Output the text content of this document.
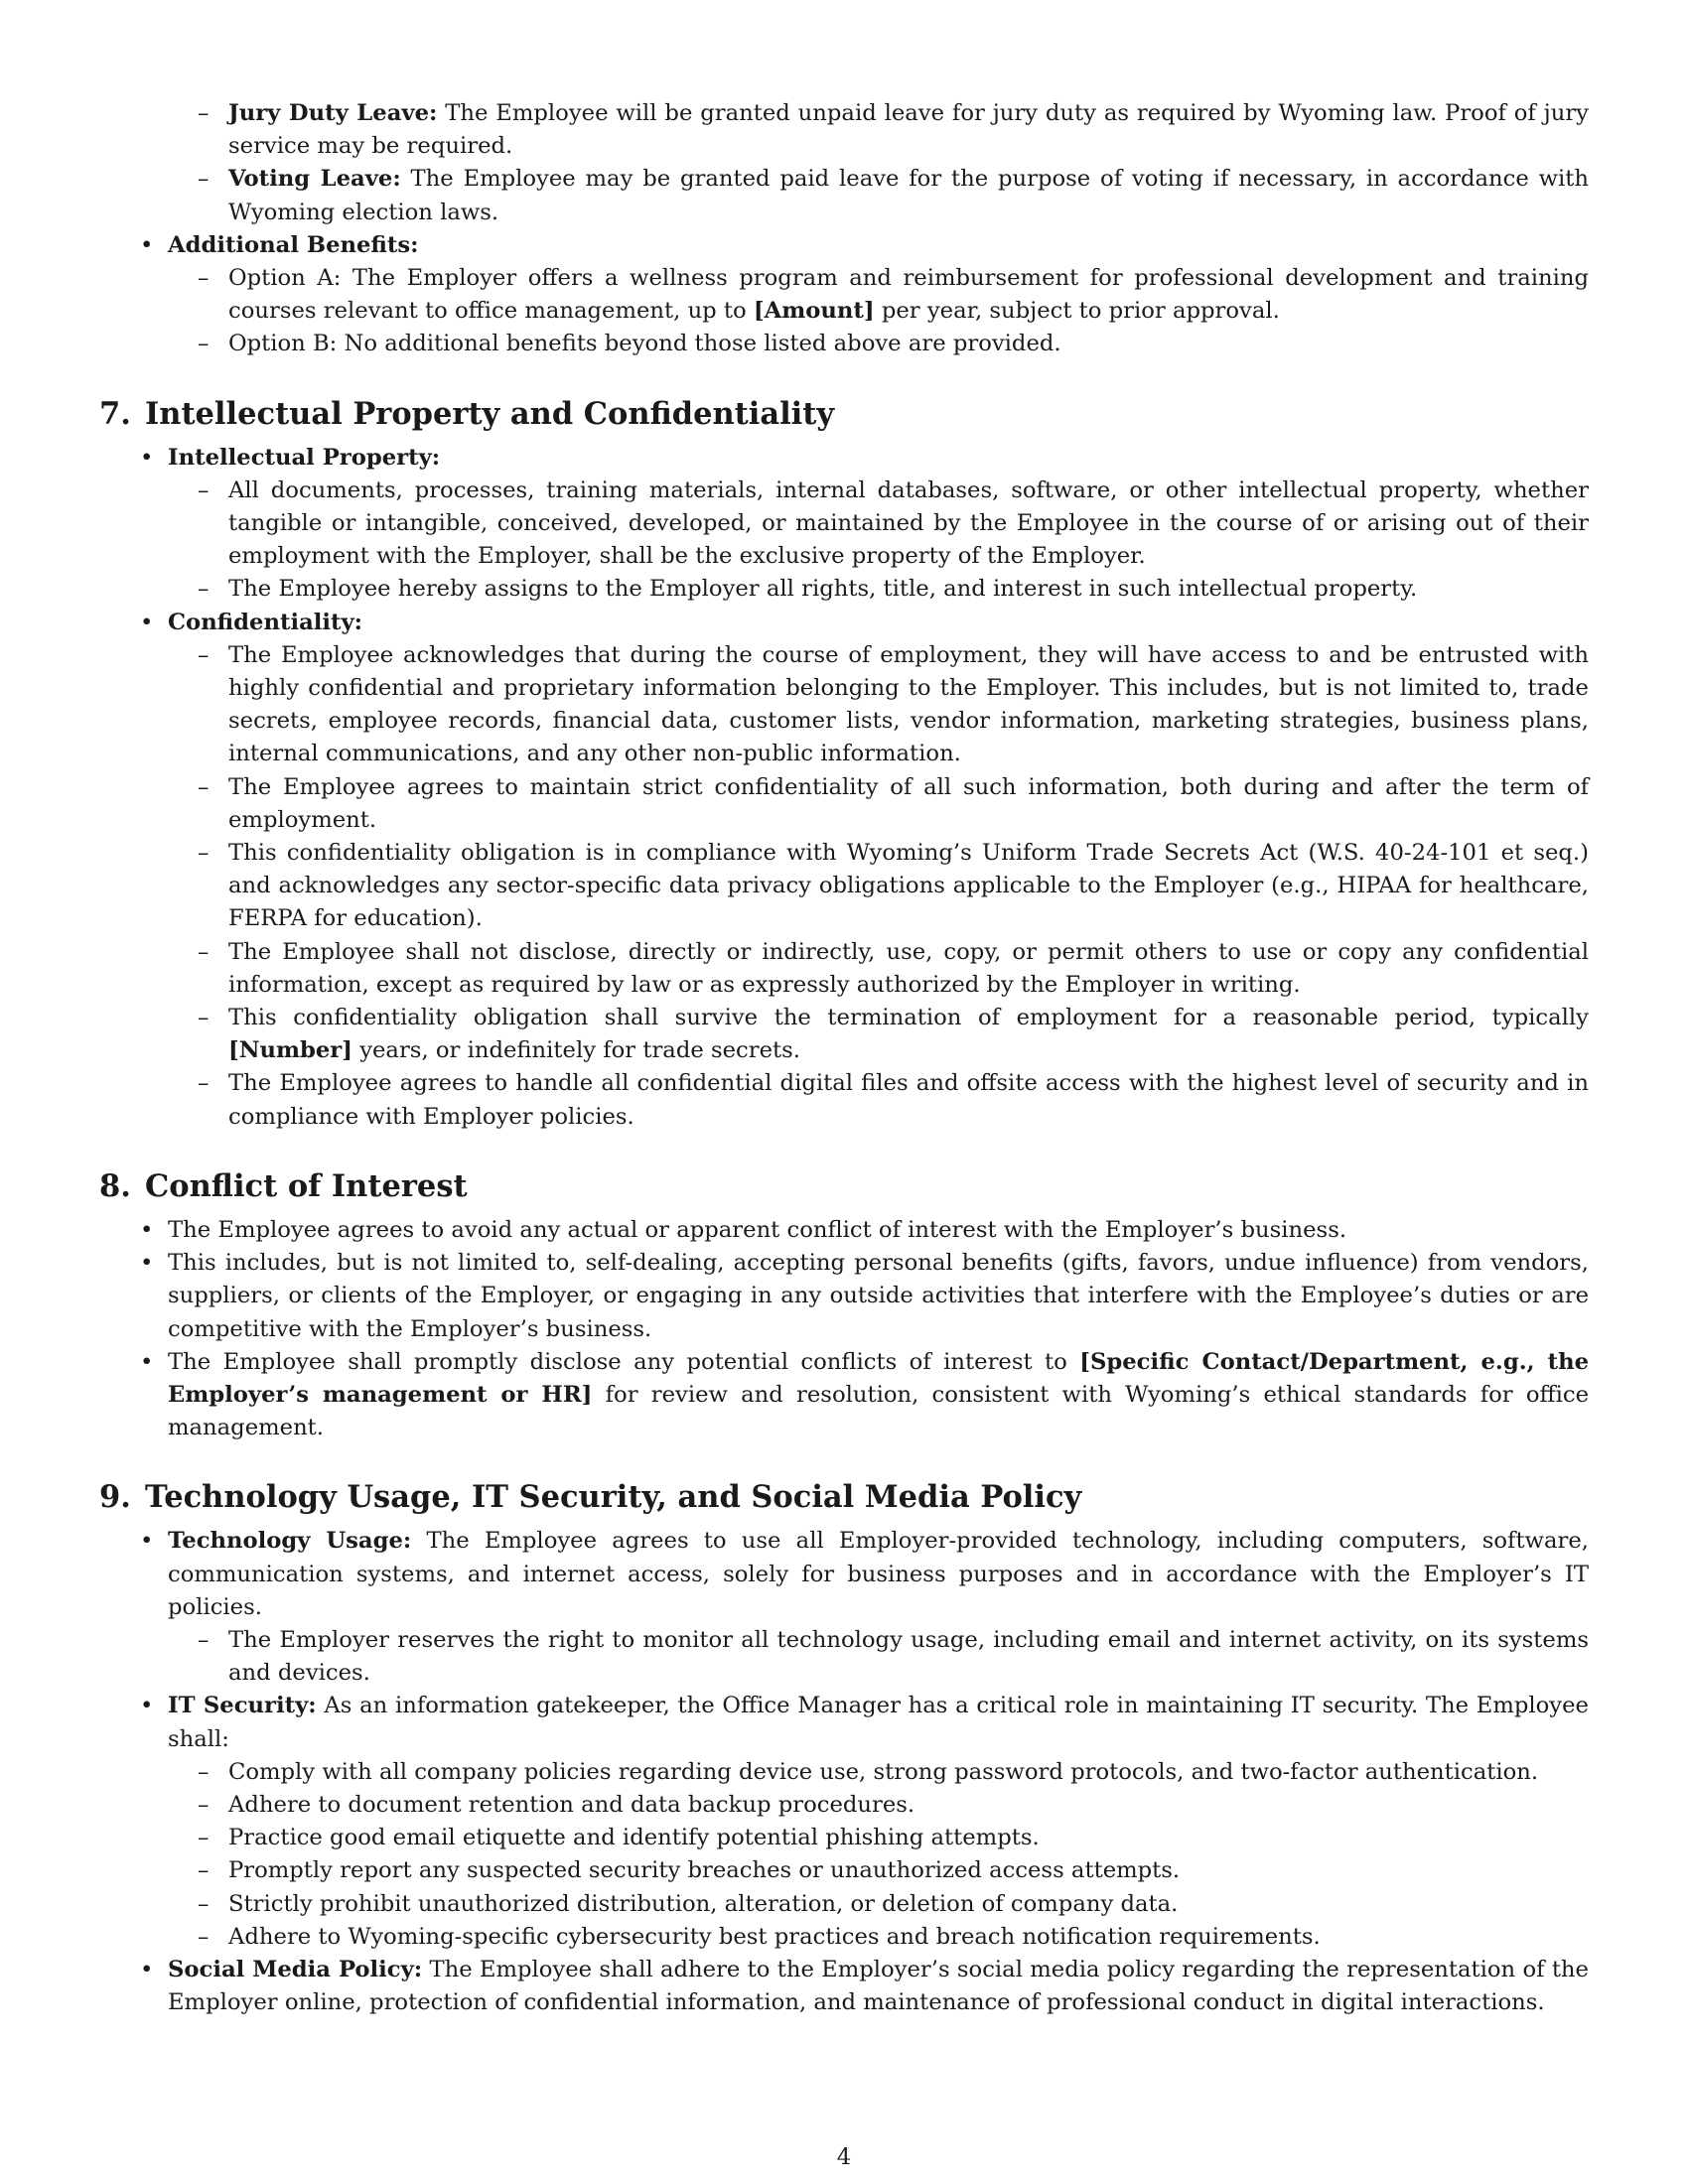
– Jury Duty Leave: The Employee will be granted unpaid leave for jury duty as required by Wyoming law. Proof of jury service may be required.
– Voting Leave: The Employee may be granted paid leave for the purpose of voting if necessary, in accordance with Wyoming election laws.
• Additional Benefits:
– Option A: The Employer offers a wellness program and reimbursement for professional development and training courses relevant to office management, up to [Amount] per year, subject to prior approval.
– Option B: No additional benefits beyond those listed above are provided.
7. Intellectual Property and Confidentiality
• Intellectual Property:
– All documents, processes, training materials, internal databases, software, or other intellectual property, whether tangible or intangible, conceived, developed, or maintained by the Employee in the course of or arising out of their employment with the Employer, shall be the exclusive property of the Employer.
– The Employee hereby assigns to the Employer all rights, title, and interest in such intellectual property.
• Confidentiality:
– The Employee acknowledges that during the course of employment, they will have access to and be entrusted with highly confidential and proprietary information belonging to the Employer. This includes, but is not limited to, trade secrets, employee records, financial data, customer lists, vendor information, marketing strategies, business plans, internal communications, and any other non-public information.
– The Employee agrees to maintain strict confidentiality of all such information, both during and after the term of employment.
– This confidentiality obligation is in compliance with Wyoming’s Uniform Trade Secrets Act (W.S. 40-24-101 et seq.) and acknowledges any sector-specific data privacy obligations applicable to the Employer (e.g., HIPAA for healthcare, FERPA for education).
– The Employee shall not disclose, directly or indirectly, use, copy, or permit others to use or copy any confidential information, except as required by law or as expressly authorized by the Employer in writing.
– This confidentiality obligation shall survive the termination of employment for a reasonable period, typically [Number] years, or indefinitely for trade secrets.
– The Employee agrees to handle all confidential digital files and offsite access with the highest level of security and in compliance with Employer policies.
8. Conflict of Interest
• The Employee agrees to avoid any actual or apparent conflict of interest with the Employer’s business.
• This includes, but is not limited to, self-dealing, accepting personal benefits (gifts, favors, undue influence) from vendors, suppliers, or clients of the Employer, or engaging in any outside activities that interfere with the Employee’s duties or are competitive with the Employer’s business.
• The Employee shall promptly disclose any potential conflicts of interest to [Specific Contact/Department, e.g., the Employer’s management or HR] for review and resolution, consistent with Wyoming’s ethical standards for office management.
9. Technology Usage, IT Security, and Social Media Policy
• Technology Usage: The Employee agrees to use all Employer-provided technology, including computers, software, communication systems, and internet access, solely for business purposes and in accordance with the Employer’s IT policies.
– The Employer reserves the right to monitor all technology usage, including email and internet activity, on its systems and devices.
• IT Security: As an information gatekeeper, the Office Manager has a critical role in maintaining IT security. The Employee shall:
– Comply with all company policies regarding device use, strong password protocols, and two-factor authentication.
– Adhere to document retention and data backup procedures.
– Practice good email etiquette and identify potential phishing attempts.
– Promptly report any suspected security breaches or unauthorized access attempts.
– Strictly prohibit unauthorized distribution, alteration, or deletion of company data.
– Adhere to Wyoming-specific cybersecurity best practices and breach notification requirements.
• Social Media Policy: The Employee shall adhere to the Employer’s social media policy regarding the representation of the Employer online, protection of confidential information, and maintenance of professional conduct in digital interactions.
4
